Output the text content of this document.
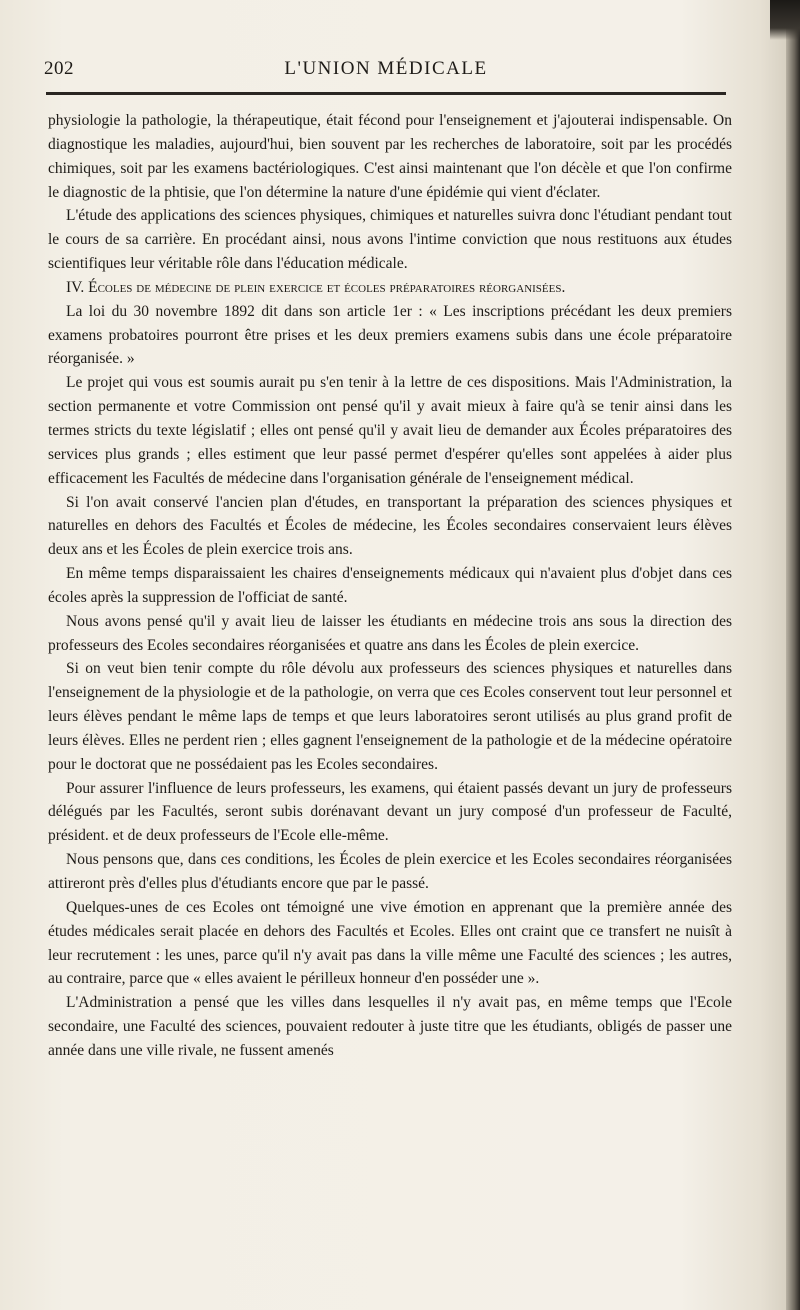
202	L'UNION MÉDICALE

physiologie la pathologie, la thérapeutique, était fécond pour l'enseignement et j'ajouterai indispensable. On diagnostique les maladies, aujourd'hui, bien souvent par les recherches de laboratoire, soit par les procédés chimiques, soit par les examens bactériologiques. C'est ainsi maintenant que l'on décèle et que l'on confirme le diagnostic de la phtisie, que l'on détermine la nature d'une épidémie qui vient d'éclater.

L'étude des applications des sciences physiques, chimiques et naturelles suivra donc l'étudiant pendant tout le cours de sa carrière. En procédant ainsi, nous avons l'intime conviction que nous restituons aux études scientifiques leur véritable rôle dans l'éducation médicale.

IV. Écoles de médecine de plein exercice et écoles préparatoires réorganisées.

La loi du 30 novembre 1892 dit dans son article 1er : « Les inscriptions précédant les deux premiers examens probatoires pourront être prises et les deux premiers examens subis dans une école préparatoire réorganisée. »

Le projet qui vous est soumis aurait pu s'en tenir à la lettre de ces dispositions. Mais l'Administration, la section permanente et votre Commission ont pensé qu'il y avait mieux à faire qu'à se tenir ainsi dans les termes stricts du texte législatif ; elles ont pensé qu'il y avait lieu de demander aux Écoles préparatoires des services plus grands ; elles estiment que leur passé permet d'espérer qu'elles sont appelées à aider plus efficacement les Facultés de médecine dans l'organisation générale de l'enseignement médical.

Si l'on avait conservé l'ancien plan d'études, en transportant la préparation des sciences physiques et naturelles en dehors des Facultés et Écoles de médecine, les Écoles secondaires conservaient leurs élèves deux ans et les Écoles de plein exercice trois ans.

En même temps disparaissaient les chaires d'enseignements médicaux qui n'avaient plus d'objet dans ces écoles après la suppression de l'officiat de santé.

Nous avons pensé qu'il y avait lieu de laisser les étudiants en médecine trois ans sous la direction des professeurs des Ecoles secondaires réorganisées et quatre ans dans les Écoles de plein exercice.

Si on veut bien tenir compte du rôle dévolu aux professeurs des sciences physiques et naturelles dans l'enseignement de la physiologie et de la pathologie, on verra que ces Ecoles conservent tout leur personnel et leurs élèves pendant le même laps de temps et que leurs laboratoires seront utilisés au plus grand profit de leurs élèves. Elles ne perdent rien ; elles gagnent l'enseignement de la pathologie et de la médecine opératoire pour le doctorat que ne possédaient pas les Ecoles secondaires.

Pour assurer l'influence de leurs professeurs, les examens, qui étaient passés devant un jury de professeurs délégués par les Facultés, seront subis dorénavant devant un jury composé d'un professeur de Faculté, président. et de deux professeurs de l'Ecole elle-même.

Nous pensons que, dans ces conditions, les Écoles de plein exercice et les Ecoles secondaires réorganisées attireront près d'elles plus d'étudiants encore que par le passé.

Quelques-unes de ces Ecoles ont témoigné une vive émotion en apprenant que la première année des études médicales serait placée en dehors des Facultés et Ecoles. Elles ont craint que ce transfert ne nuisît à leur recrutement : les unes, parce qu'il n'y avait pas dans la ville même une Faculté des sciences ; les autres, au contraire, parce que « elles avaient le périlleux honneur d'en posséder une ».

L'Administration a pensé que les villes dans lesquelles il n'y avait pas, en même temps que l'Ecole secondaire, une Faculté des sciences, pouvaient redouter à juste titre que les étudiants, obligés de passer une année dans une ville rivale, ne fussent amenés
